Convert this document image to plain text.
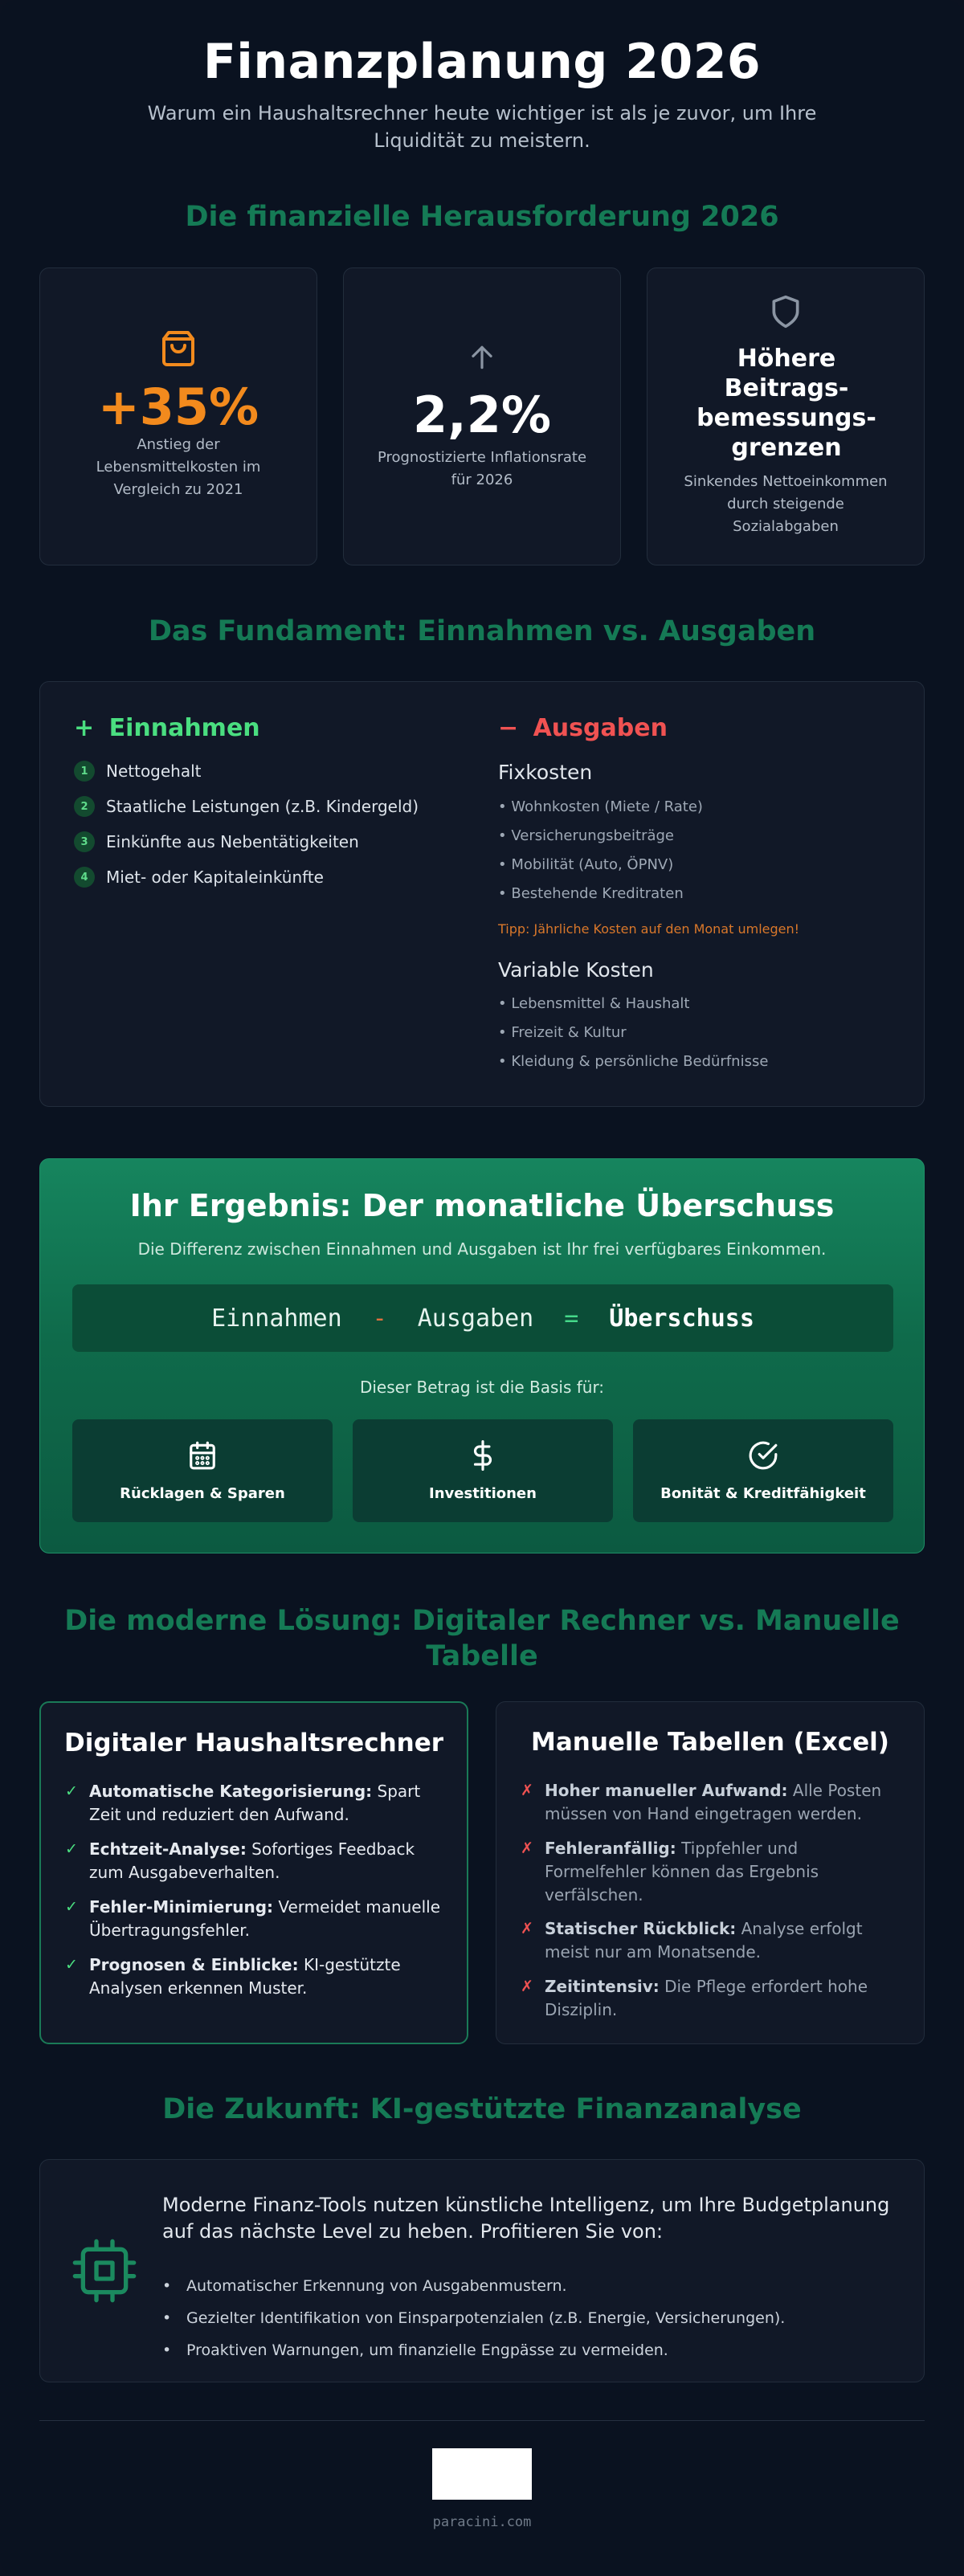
Finanzplanung 2026
Warum ein Haushaltsrechner heute wichtiger ist als je zuvor, um Ihre Liquidität zu meistern.
Die finanzielle Herausforderung 2026
+35%
Anstieg der Lebensmittelkosten im Vergleich zu 2021
2,2%
Prognostizierte Inflationsrate für 2026
Höhere Beitrags-bemessungs-grenzen
Sinkendes Nettoeinkommen durch steigende Sozialabgaben
Das Fundament: Einnahmen vs. Ausgaben
+ Einnahmen
1	Nettogehalt
2	Staatliche Leistungen (z.B. Kindergeld)
3	Einkünfte aus Nebentätigkeiten
4	Miet- oder Kapitaleinkünfte
− Ausgaben
Fixkosten
• Wohnkosten (Miete / Rate)
• Versicherungsbeiträge
• Mobilität (Auto, ÖPNV)
• Bestehende Kreditraten
Tipp: Jährliche Kosten auf den Monat umlegen!
Variable Kosten
• Lebensmittel & Haushalt
• Freizeit & Kultur
• Kleidung & persönliche Bedürfnisse
Ihr Ergebnis: Der monatliche Überschuss
Die Differenz zwischen Einnahmen und Ausgaben ist Ihr frei verfügbares Einkommen.
Einnahmen - Ausgaben = Überschuss
Dieser Betrag ist die Basis für:
Rücklagen & Sparen	Investitionen	Bonität & Kreditfähigkeit
Die moderne Lösung: Digitaler Rechner vs. Manuelle Tabelle
Digitaler Haushaltsrechner
✓ Automatische Kategorisierung: Spart Zeit und reduziert den Aufwand.
✓ Echtzeit-Analyse: Sofortiges Feedback zum Ausgabeverhalten.
✓ Fehler-Minimierung: Vermeidet manuelle Übertragungsfehler.
✓ Prognosen & Einblicke: KI-gestützte Analysen erkennen Muster.
Manuelle Tabellen (Excel)
✗ Hoher manueller Aufwand: Alle Posten müssen von Hand eingetragen werden.
✗ Fehleranfällig: Tippfehler und Formelfehler können das Ergebnis verfälschen.
✗ Statischer Rückblick: Analyse erfolgt meist nur am Monatsende.
✗ Zeitintensiv: Die Pflege erfordert hohe Disziplin.
Die Zukunft: KI-gestützte Finanzanalyse
Moderne Finanz-Tools nutzen künstliche Intelligenz, um Ihre Budgetplanung auf das nächste Level zu heben. Profitieren Sie von:
• Automatischer Erkennung von Ausgabenmustern.
• Gezielter Identifikation von Einsparpotenzialen (z.B. Energie, Versicherungen).
• Proaktiven Warnungen, um finanzielle Engpässe zu vermeiden.
paracini.com
